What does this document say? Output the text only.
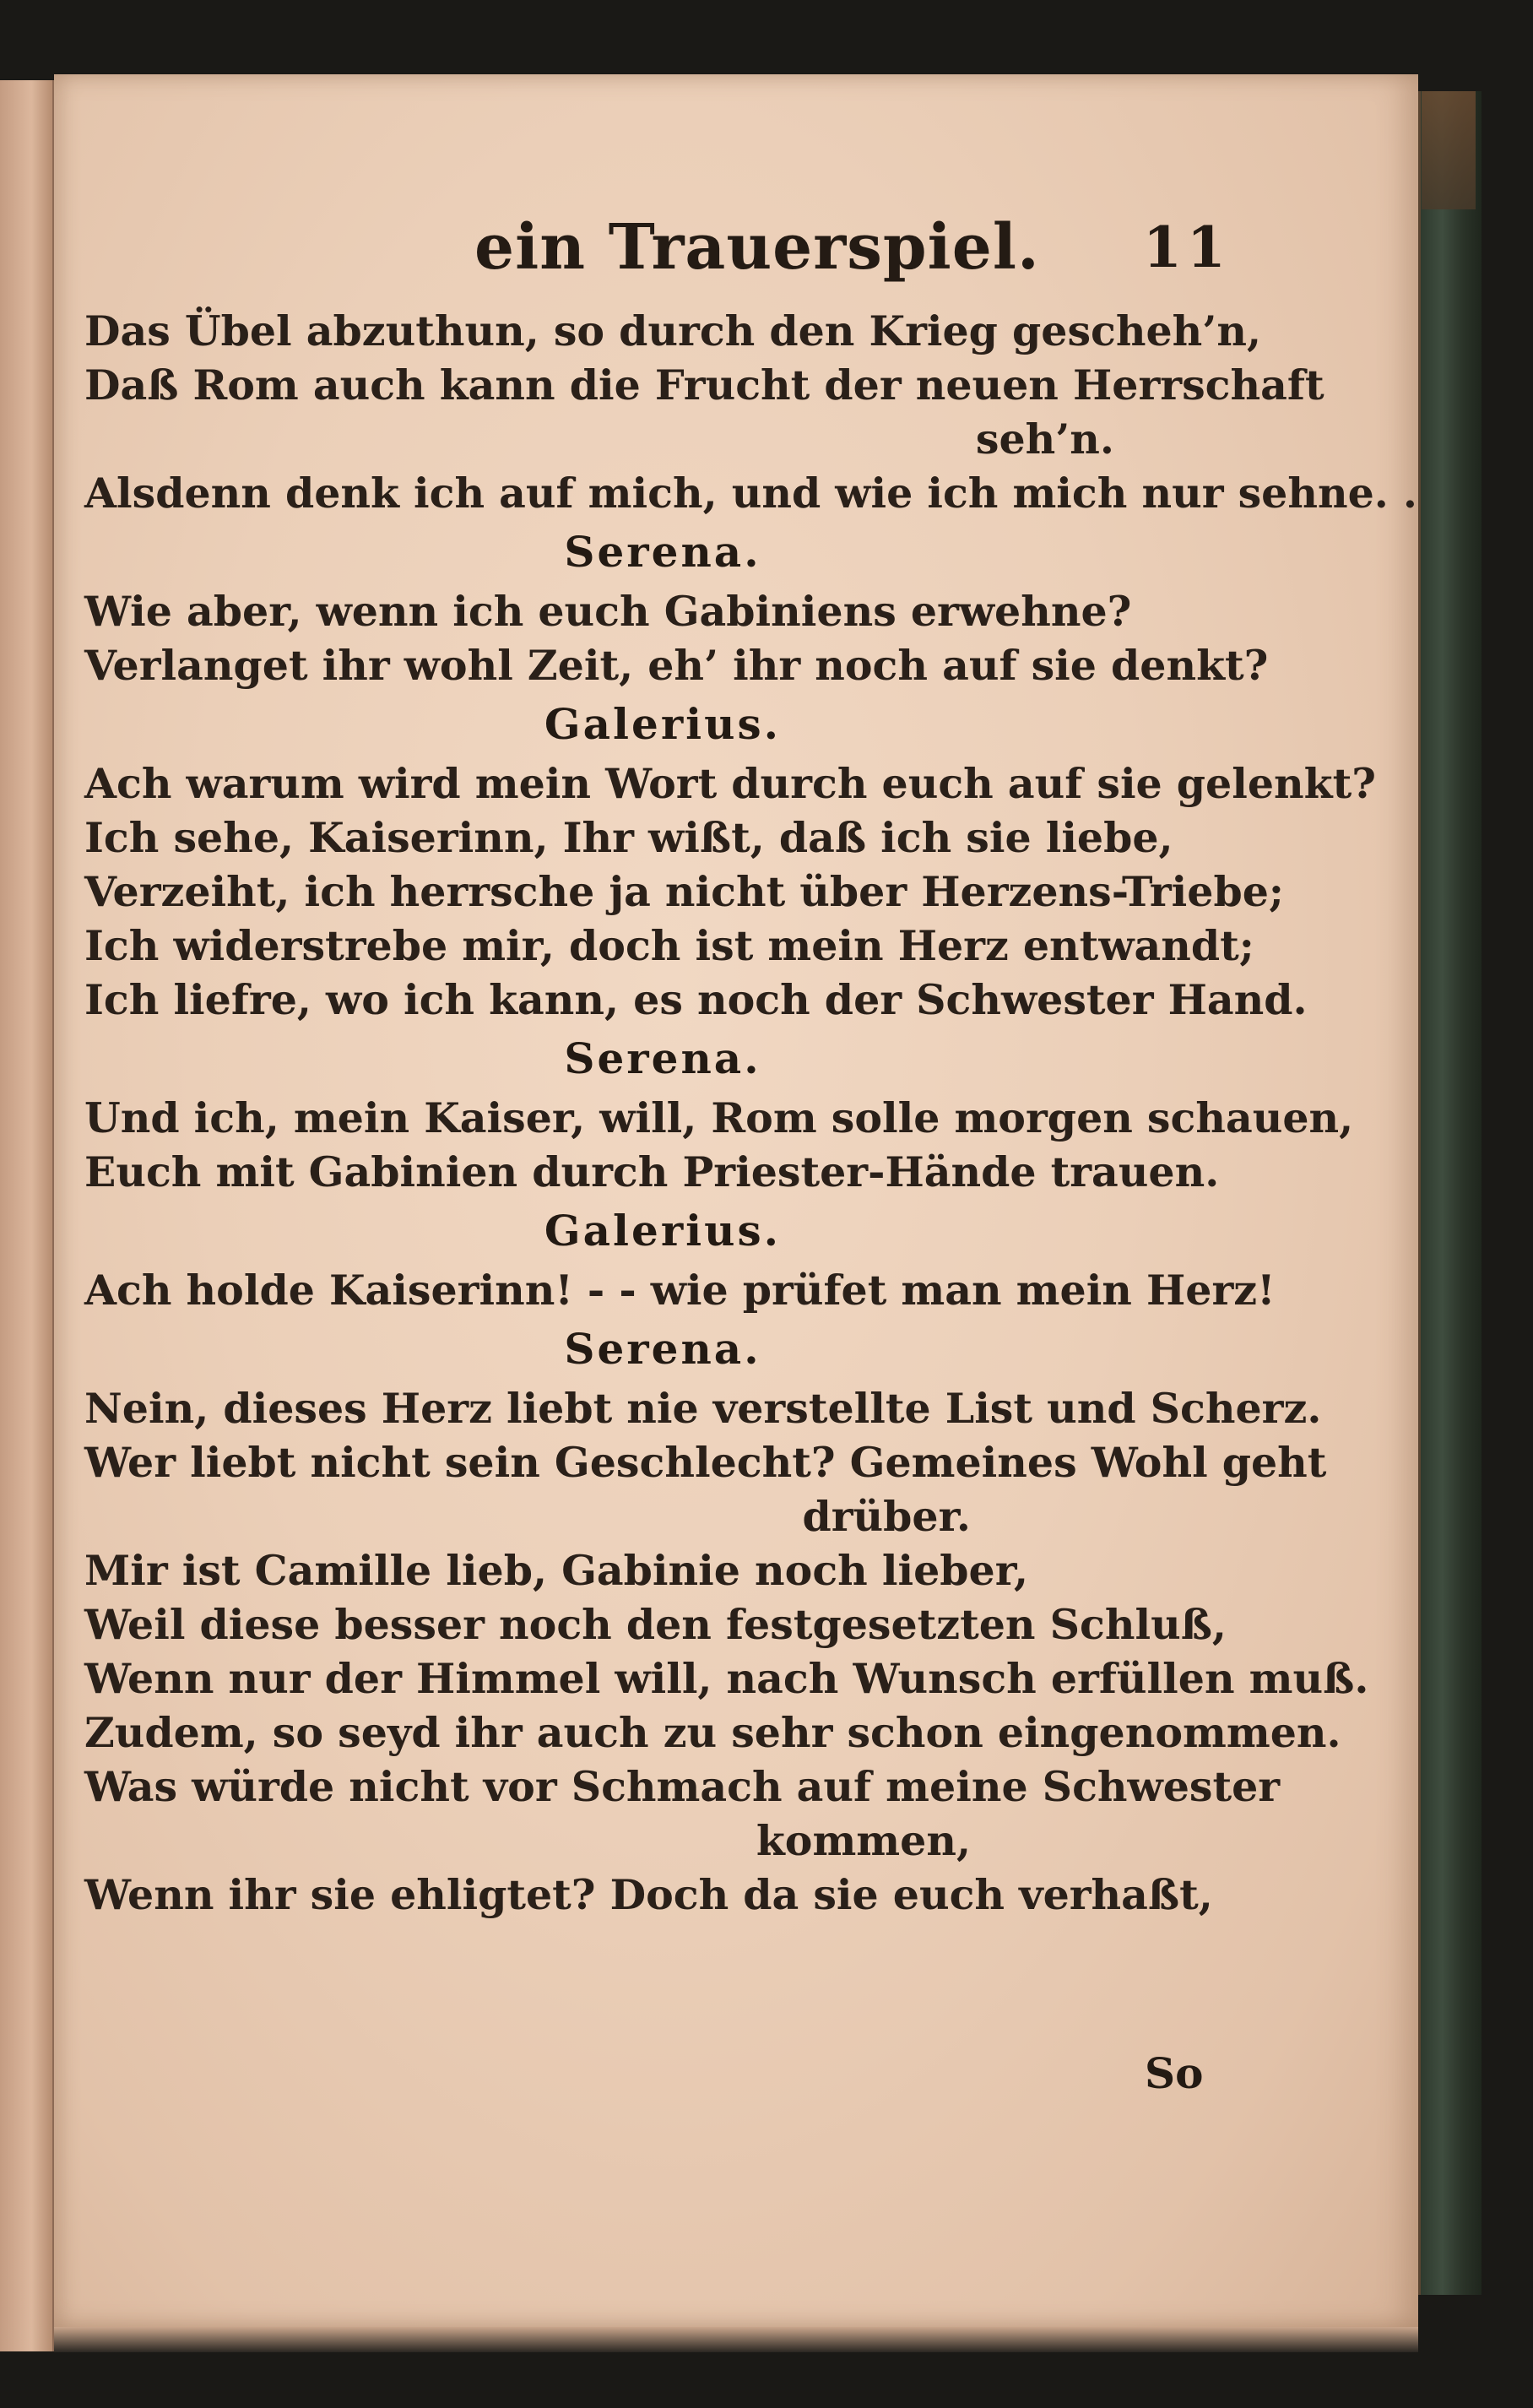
ein Trauerspiel. 11
Das Übel abzuthun, so durch den Krieg gescheh’n,
Daß Rom auch kann die Frucht der neuen Herrschaft
seh’n.
Alsdenn denk ich auf mich, und wie ich mich nur sehne. .
Serena.
Wie aber, wenn ich euch Gabiniens erwehne?
Verlanget ihr wohl Zeit, eh’ ihr noch auf sie denkt?
Galerius.
Ach warum wird mein Wort durch euch auf sie gelenkt?
Ich sehe, Kaiserinn, Ihr wißt, daß ich sie liebe,
Verzeiht, ich herrsche ja nicht über Herzens-Triebe;
Ich widerstrebe mir, doch ist mein Herz entwandt;
Ich liefre, wo ich kann, es noch der Schwester Hand.
Serena.
Und ich, mein Kaiser, will, Rom solle morgen schauen,
Euch mit Gabinien durch Priester-Hände trauen.
Galerius.
Ach holde Kaiserinn! - - wie prüfet man mein Herz!
Serena.
Nein, dieses Herz liebt nie verstellte List und Scherz.
Wer liebt nicht sein Geschlecht? Gemeines Wohl geht
drüber.
Mir ist Camille lieb, Gabinie noch lieber,
Weil diese besser noch den festgesetzten Schluß,
Wenn nur der Himmel will, nach Wunsch erfüllen muß.
Zudem, so seyd ihr auch zu sehr schon eingenommen.
Was würde nicht vor Schmach auf meine Schwester
kommen,
Wenn ihr sie ehligtet? Doch da sie euch verhaßt,
So
